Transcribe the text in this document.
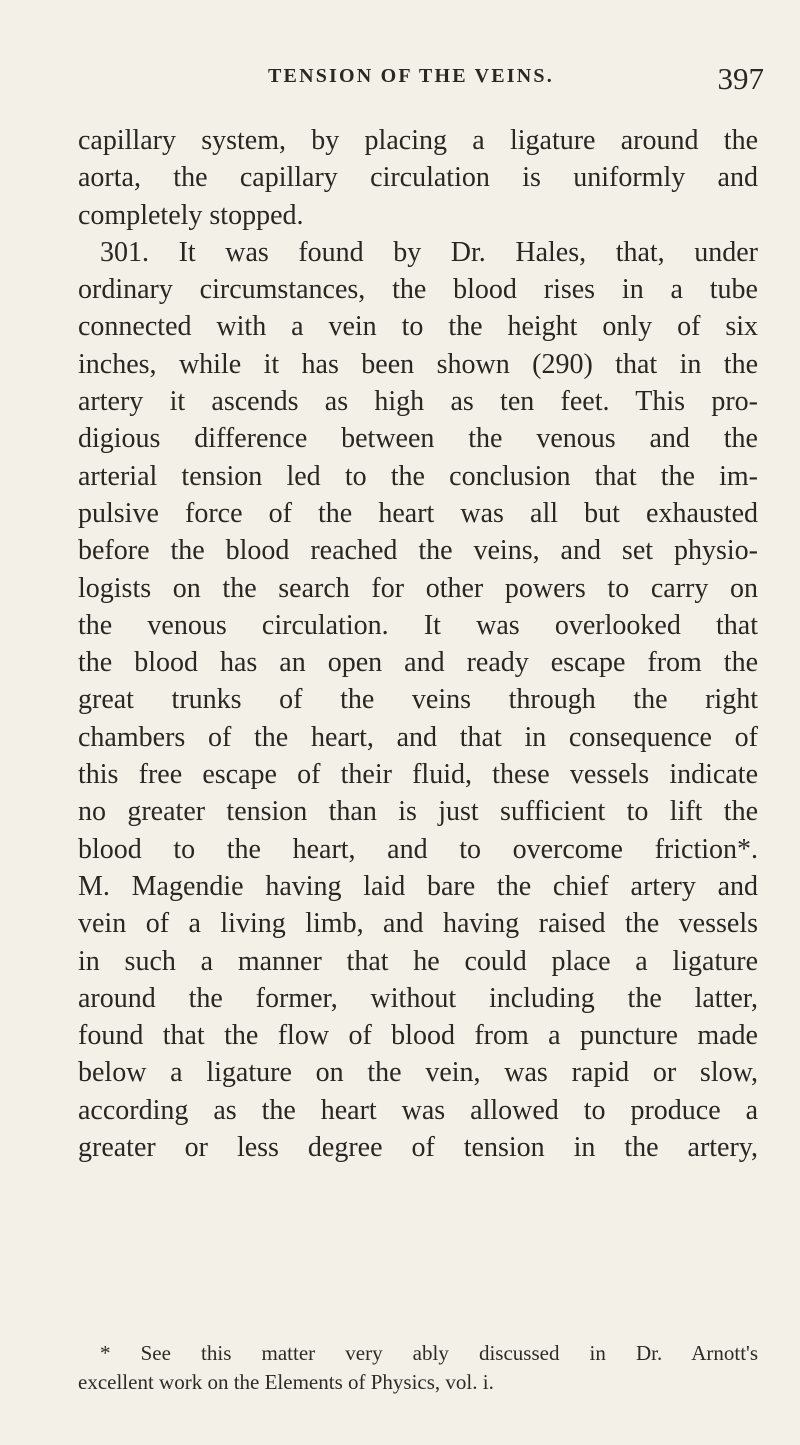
TENSION OF THE VEINS.	397
capillary system, by placing a ligature around the
aorta, the capillary circulation is uniformly and
completely stopped.
301. It was found by Dr. Hales, that, under
ordinary circumstances, the blood rises in a tube
connected with a vein to the height only of six
inches, while it has been shown (290) that in the
artery it ascends as high as ten feet. This pro-
digious difference between the venous and the
arterial tension led to the conclusion that the im-
pulsive force of the heart was all but exhausted
before the blood reached the veins, and set physio-
logists on the search for other powers to carry on
the venous circulation. It was overlooked that
the blood has an open and ready escape from the
great trunks of the veins through the right
chambers of the heart, and that in consequence of
this free escape of their fluid, these vessels indicate
no greater tension than is just sufficient to lift the
blood to the heart, and to overcome friction*.
M. Magendie having laid bare the chief artery and
vein of a living limb, and having raised the vessels
in such a manner that he could place a ligature
around the former, without including the latter,
found that the flow of blood from a puncture made
below a ligature on the vein, was rapid or slow,
according as the heart was allowed to produce a
greater or less degree of tension in the artery,
* See this matter very ably discussed in Dr. Arnott's
excellent work on the Elements of Physics, vol. i.
